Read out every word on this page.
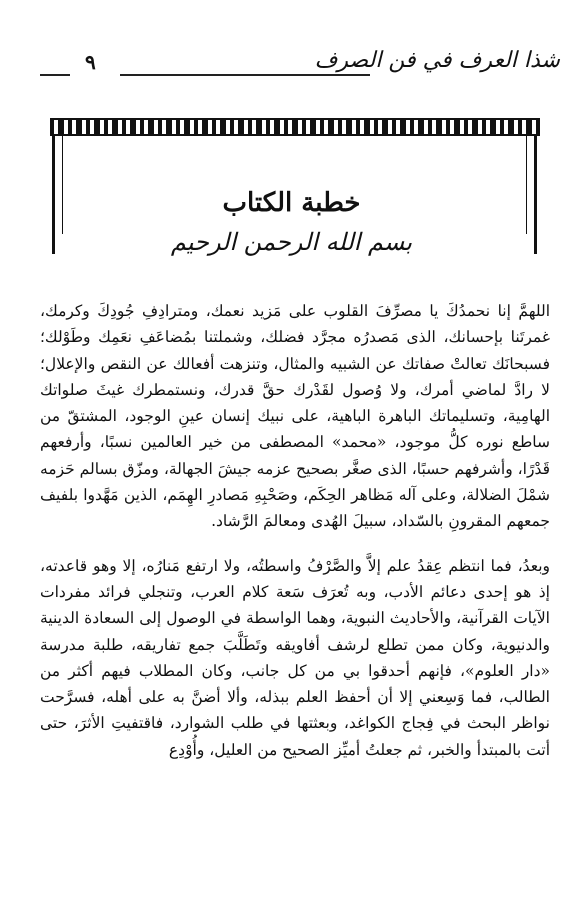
٩	شذا العرف في فن الصرف
خطبة الكتاب
بسم الله الرحمن الرحيم

اللهمَّ إنا نحمدُكَ يا مصرِّفَ القلوب على مَزيد نعمك، ومترادِفِ جُودِكَ وكرمك، غمرتَنا بإحسانك، الذى مَصدرُه مجرَّد فضلك، وشملتنا بمُضاعَفِ نعَمِك وطَوْلك؛ فسبحانَك تعالتْ صفاتك عن الشبيه والمثال، وتنزهت أفعالك عن النقص والإعلال؛ لا رادَّ لماضي أمرك، ولا وُصول لقَدْرك حقَّ قدرك، ونستمطرك غيثَ صلواتك الهامِية، وتسليماتك الباهرة الباهية، على نبيك إنسان عينِ الوجود، المشتقّ من ساطع نوره كلُّ موجود، «محمد» المصطفى من خير العالمين نسبًا، وأرفعهم قَدْرًا، وأشرفهم حسبًا، الذى صغَّر بصحيح عزمه جيشَ الجهالة، ومزّق بسالم حَزمه شمْلَ الضلالة، وعلى آله مَظاهر الحِكَم، وصَحْبِهِ مَصادرِ الهِمَم، الذين مَهَّدوا بلفيف جمعهم المقرونِ بالسّداد، سبيلَ الهُدى ومعالمَ الرَّشاد.

وبعدُ، فما انتظم عِقدُ علم إلاَّ والصَّرْفُ واسطتُه، ولا ارتفع مَنارُه، إلا وهو قاعدته، إذ هو إحدى دعائم الأدب، وبه تُعرَف سَعة كلام العرب، وتنجلي فرائد مفردات الآيات القرآنية، والأحاديث النبوية، وهما الواسطة في الوصول إلى السعادة الدينية والدنيوية، وكان ممن تطلع لرشف أفاويقه وتَطَلَّبَ جمع تفاريقه، طلبة مدرسة «دار العلوم»، فإنهم أحدقوا بي من كل جانب، وكان المطلاب فيهم أكثر من الطالب، فما وَسِعني إلا أن أحفظ العلم ببذله، وألا أضنَّ به على أهله، فسرَّحت نواظر البحث في فِجاج الكواغد، وبعثتها في طلب الشوارد، فاقتفيتِ الأثرَ، حتى أتت بالمبتدأ والخبر، ثم جعلتُ أميِّز الصحيح من العليل، وأُوْدِع
